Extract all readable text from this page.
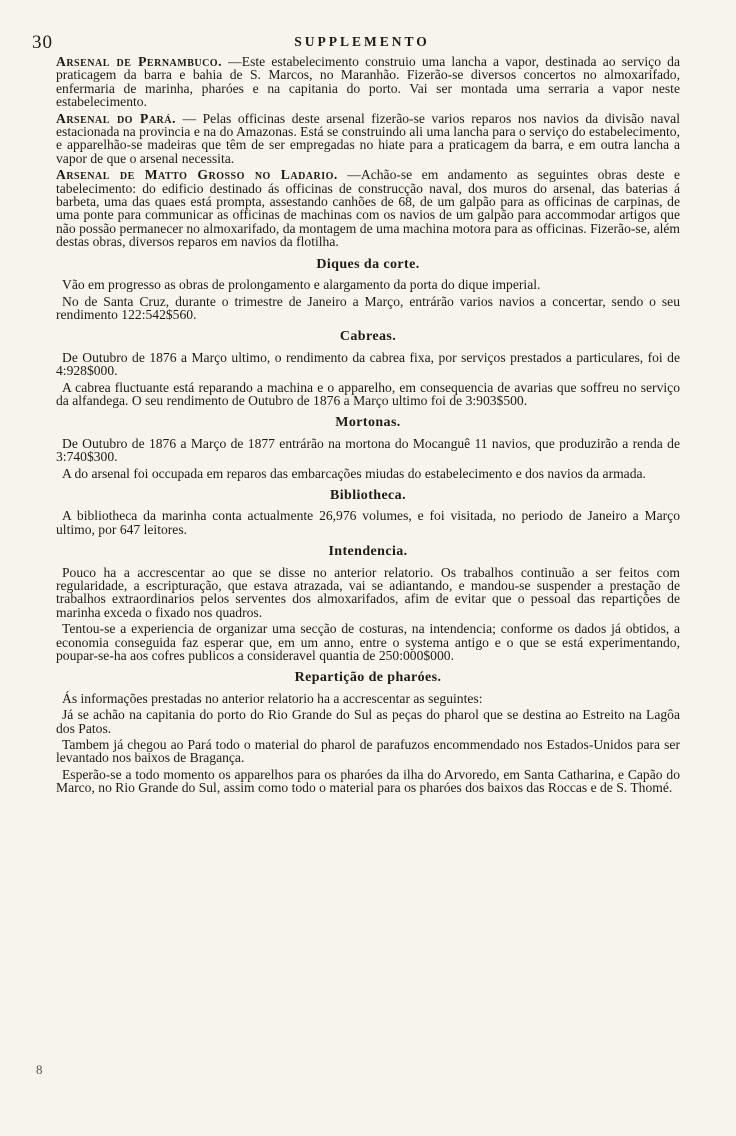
30	SUPPLEMENTO

Arsenal de Pernambuco. —Este estabelecimento construio uma lancha a vapor, destinada ao serviço da praticagem da barra e bahia de S. Marcos, no Maranhão. Fizerão-se diversos concertos no almoxarifado, enfermaria de marinha, pharóes e na capitania do porto. Vai ser montada uma serraria a vapor neste estabelecimento.

Arsenal do Pará. — Pelas officinas deste arsenal fizerão-se varios reparos nos navios da divisão naval estacionada na provincia e na do Amazonas. Está se construindo ali uma lancha para o serviço do estabelecimento, e apparelhão-se madeiras que têm de ser empregadas no hiate para a praticagem da barra, e em outra lancha a vapor de que o arsenal necessita.

Arsenal de Matto Grosso no Ladario. —Achão-se em andamento as seguintes obras deste e tabelecimento: do edificio destinado ás officinas de construcção naval, dos muros do arsenal, das baterias á barbeta, uma das quaes está prompta, assestando canhões de 68, de um galpão para as officinas de carpinas, de uma ponte para communicar as officinas de machinas com os navios de um galpão para accommodar artigos que não possão permanecer no almoxarifado, da montagem de uma machina motora para as officinas. Fizerão-se, além destas obras, diversos reparos em navios da flotilha.

Diques da corte.

Vão em progresso as obras de prolongamento e alargamento da porta do dique imperial.

No de Santa Cruz, durante o trimestre de Janeiro a Março, entrárão varios navios a concertar, sendo o seu rendimento 122:542$560.

Cabreas.

De Outubro de 1876 a Março ultimo, o rendimento da cabrea fixa, por serviços prestados a particulares, foi de 4:928$000.

A cabrea fluctuante está reparando a machina e o apparelho, em consequencia de avarias que soffreu no serviço da alfandega. O seu rendimento de Outubro de 1876 a Março ultimo foi de 3:903$500.

Mortonas.

De Outubro de 1876 a Março de 1877 entrárão na mortona do Mocanguê 11 navios, que produzirão a renda de 3:740$300.

A do arsenal foi occupada em reparos das embarcações miudas do estabelecimento e dos navios da armada.

Bibliotheca.

A bibliotheca da marinha conta actualmente 26,976 volumes, e foi visitada, no periodo de Janeiro a Março ultimo, por 647 leitores.

Intendencia.

Pouco ha a accrescentar ao que se disse no anterior relatorio. Os trabalhos continuão a ser feitos com regularidade, a escripturação, que estava atrazada, vai se adiantando, e mandou-se suspender a prestação de trabalhos extraordinarios pelos serventes dos almoxarifados, afim de evitar que o pessoal das repartições de marinha exceda o fixado nos quadros.

Tentou-se a experiencia de organizar uma secção de costuras, na intendencia; conforme os dados já obtidos, a economia conseguida faz esperar que, em um anno, entre o systema antigo e o que se está experimentando, poupar-se-ha aos cofres publicos a consideravel quantia de 250:000$000.

Repartição de pharóes.

Ás informações prestadas no anterior relatorio ha a accrescentar as seguintes:

Já se achão na capitania do porto do Rio Grande do Sul as peças do pharol que se destina ao Estreito na Lagôa dos Patos.

Tambem já chegou ao Pará todo o material do pharol de parafuzos encommendado nos Estados-Unidos para ser levantado nos baixos de Bragança.

Esperão-se a todo momento os apparelhos para os pharóes da ilha do Arvoredo, em Santa Catharina, e Capão do Marco, no Rio Grande do Sul, assim como todo o material para os pharóes dos baixos das Roccas e de S. Thomé.

8
